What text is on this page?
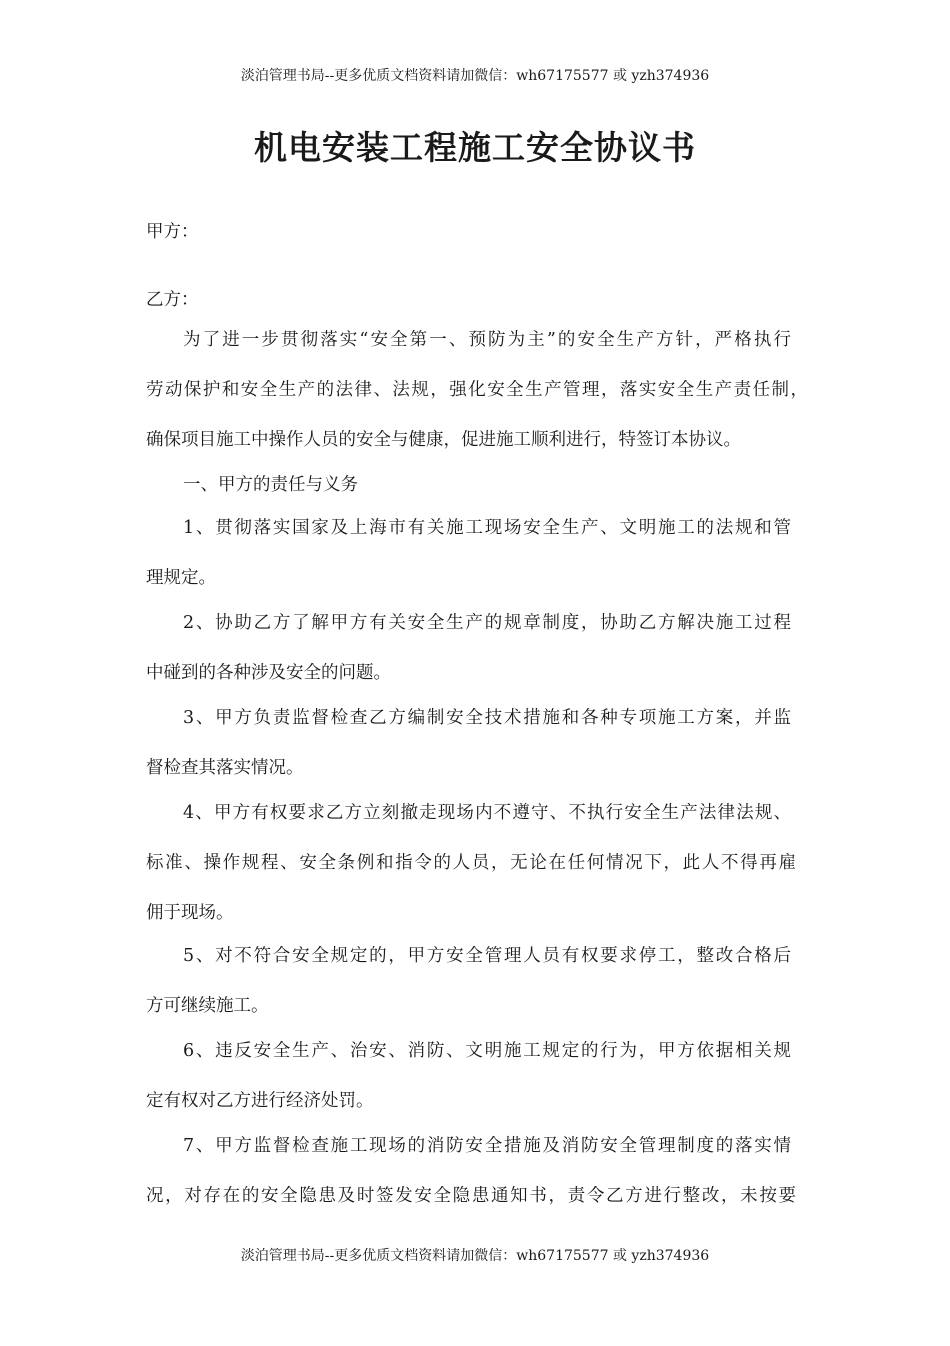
淡泊管理书局--更多优质文档资料请加微信：wh67175577 或 yzh374936
机电安装工程施工安全协议书
甲方：
乙方：
为了进一步贯彻落实“安全第一、预防为主”的安全生产方针，严格执行
劳动保护和安全生产的法律、法规，强化安全生产管理，落实安全生产责任制，
确保项目施工中操作人员的安全与健康，促进施工顺利进行，特签订本协议。
一、甲方的责任与义务
1、贯彻落实国家及上海市有关施工现场安全生产、文明施工的法规和管
理规定。
2、协助乙方了解甲方有关安全生产的规章制度，协助乙方解决施工过程
中碰到的各种涉及安全的问题。
3、甲方负责监督检查乙方编制安全技术措施和各种专项施工方案，并监
督检查其落实情况。
4、甲方有权要求乙方立刻撤走现场内不遵守、不执行安全生产法律法规、
标准、操作规程、安全条例和指令的人员，无论在任何情况下，此人不得再雇
佣于现场。
5、对不符合安全规定的，甲方安全管理人员有权要求停工，整改合格后
方可继续施工。
6、违反安全生产、治安、消防、文明施工规定的行为，甲方依据相关规
定有权对乙方进行经济处罚。
7、甲方监督检查施工现场的消防安全措施及消防安全管理制度的落实情
况，对存在的安全隐患及时签发安全隐患通知书，责令乙方进行整改，未按要
淡泊管理书局--更多优质文档资料请加微信：wh67175577 或 yzh374936
